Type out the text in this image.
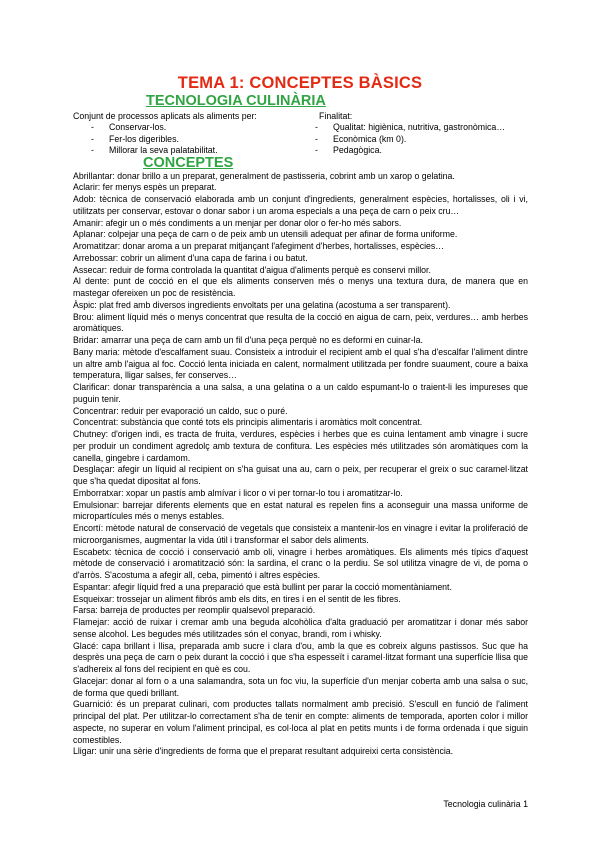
TEMA 1: CONCEPTES BÀSICS
TECNOLOGIA CULINÀRIA
Conjunt de processos aplicats als aliments per:
- Conservar-los.
- Fer-los digeribles.
- Millorar la seva palatabilitat.
Finalitat:
- Qualitat: higiènica, nutritiva, gastronòmica…
- Econòmica (km 0).
- Pedagògica.
CONCEPTES

Abrillantar: donar brillo a un preparat, generalment de pastisseria, cobrint amb un xarop o gelatina.

Aclarir: fer menys espès un preparat.

Adob: tècnica de conservació elaborada amb un conjunt d'ingredients, generalment espècies, hortalisses, oli i vi, utilitzats per conservar, estovar o donar sabor i un aroma especials a una peça de carn o peix cru…

Amanir: afegir un o més condiments a un menjar per donar olor o fer-ho més sabors.

Aplanar: colpejar una peça de carn o de peix amb un utensili adequat per afinar de forma uniforme.

Aromatitzar: donar aroma a un preparat mitjançant l'afegiment d'herbes, hortalisses, espècies…

Arrebossar: cobrir un aliment d'una capa de farina i ou batut.

Assecar: reduir de forma controlada la quantitat d'aigua d'aliments perquè es conservi millor.

Al dente: punt de cocció en el que els aliments conserven més o menys una textura dura, de manera que en mastegar ofereixen un poc de resistència.

Àspic: plat fred amb diversos ingredients envoltats per una gelatina (acostuma a ser transparent).

Brou: aliment líquid més o menys concentrat que resulta de la cocció en aigua de carn, peix, verdures… amb herbes aromàtiques.

Bridar: amarrar una peça de carn amb un fil d'una peça perquè no es deformi en cuinar-la.

Bany maria: mètode d'escalfament suau. Consisteix a introduir el recipient amb el qual s'ha d'escalfar l'aliment dintre un altre amb l'aigua al foc. Cocció lenta iniciada en calent, normalment utilitzada per fondre suaument, coure a baixa temperatura, lligar salses, fer conserves…

Clarificar: donar transparència a una salsa, a una gelatina o a un caldo espumant-lo o traient-li les impureses que puguin tenir.

Concentrar: reduir per evaporació un caldo, suc o puré.

Concentrat: substància que conté tots els principis alimentaris i aromàtics molt concentrat.

Chutney: d'origen indi, es tracta de fruita, verdures, espècies i herbes que es cuina lentament amb vinagre i sucre per produir un condiment agredolç amb textura de confitura. Les espècies més utilitzades són aromàtiques com la canella, gingebre i cardamom.

Desglaçar: afegir un líquid al recipient on s'ha guisat una au, carn o peix, per recuperar el greix o suc caramel·litzat que s'ha quedat dipositat al fons.

Emborratxar: xopar un pastís amb almívar i licor o vi per tornar-lo tou i aromatitzar-lo.

Emulsionar: barrejar diferents elements que en estat natural es repelen fins a aconseguir una massa uniforme de micropartícules més o menys estables.

Encortí: mètode natural de conservació de vegetals que consisteix a mantenir-los en vinagre i evitar la proliferació de microorganismes, augmentar la vida útil i transformar el sabor dels aliments.

Escabetx: tècnica de cocció i conservació amb oli, vinagre i herbes aromàtiques. Els aliments més típics d'aquest mètode de conservació i aromatització són: la sardina, el cranc o la perdiu. Se sol utilitza vinagre de vi, de poma o d'arròs. S'acostuma a afegir all, ceba, pimentó i altres espècies.

Espantar: afegir líquid fred a una preparació que està bullint per parar la cocció momentàniament.

Esqueixar: trossejar un aliment fibrós amb els dits, en tires i en el sentit de les fibres.

Farsa: barreja de productes per reomplir qualsevol preparació.

Flamejar: acció de ruixar i cremar amb una beguda alcohòlica d'alta graduació per aromatitzar i donar més sabor sense alcohol. Les begudes més utilitzades són el conyac, brandi, rom i whisky.

Glacé: capa brillant i llisa, preparada amb sucre i clara d'ou, amb la que es cobreix alguns pastissos. Suc que ha desprès una peça de carn o peix durant la cocció i que s'ha espesseït i caramel·litzat formant una superfície llisa que s'adhereix al fons del recipient en què es cou.

Glacejar: donar al forn o a una salamandra, sota un foc viu, la superfície d'un menjar coberta amb una salsa o suc, de forma que quedi brillant.

Guarnició: és un preparat culinari, com productes tallats normalment amb precisió. S'escull en funció de l'aliment principal del plat. Per utilitzar-lo correctament s'ha de tenir en compte: aliments de temporada, aporten color i millor aspecte, no superar en volum l'aliment principal, es col·loca al plat en petits munts i de forma ordenada i que siguin comestibles.

Lligar: unir una sèrie d'ingredients de forma que el preparat resultant adquireixi certa consistència.

Tecnologia culinària 1
